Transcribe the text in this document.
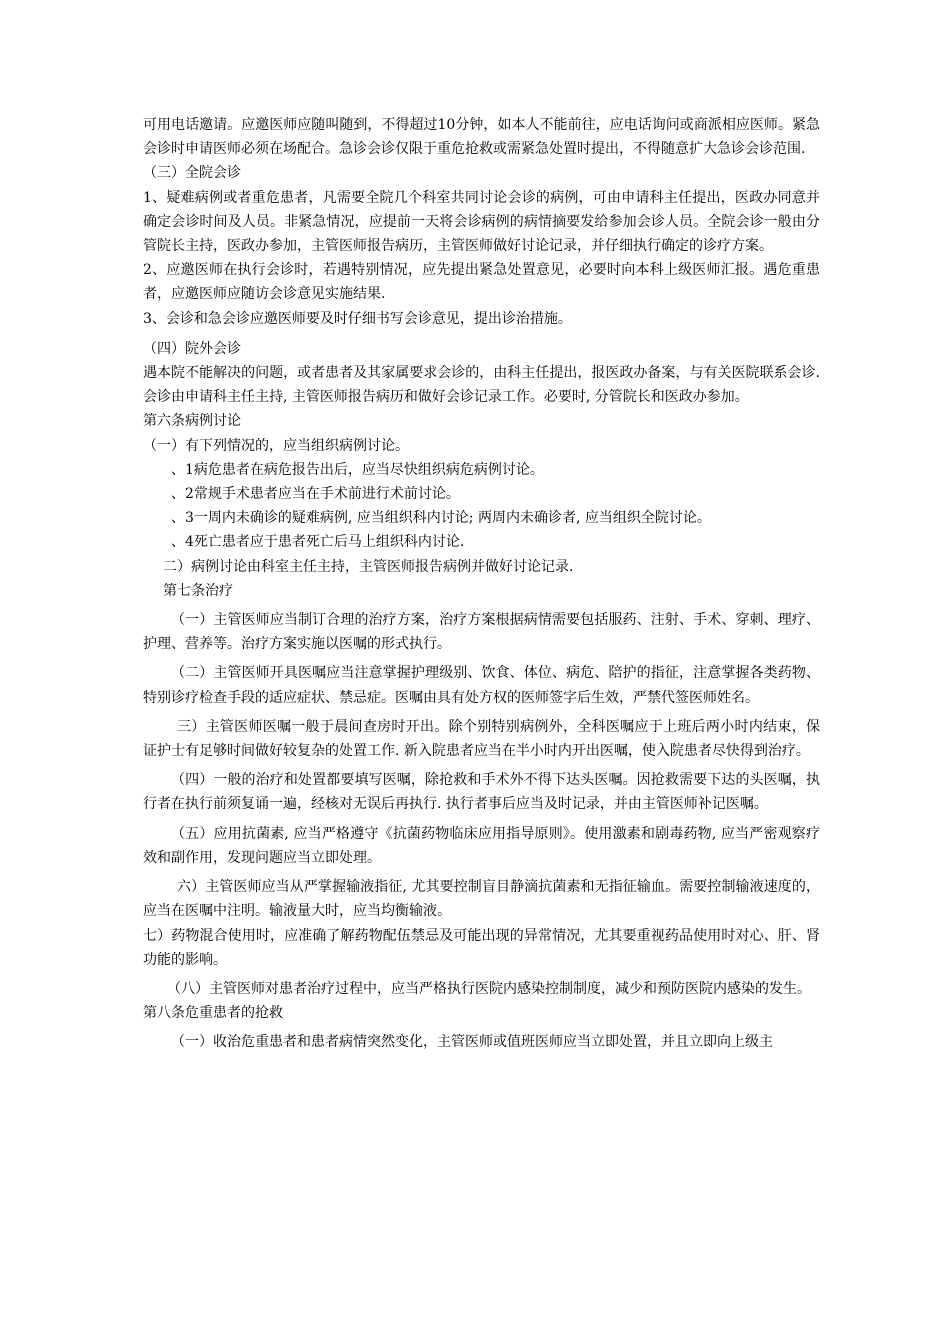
可用电话邀请。应邀医师应随叫随到，不得超过10分钟，如本人不能前往，应电话询问或商派相应医师。紧急会诊时申请医师必须在场配合。急诊会诊仅限于重危抢救或需紧急处置时提出，不得随意扩大急诊会诊范围.

（三）全院会诊

1、疑难病例或者重危患者，凡需要全院几个科室共同讨论会诊的病例，可由申请科主任提出，医政办同意并确定会诊时间及人员。非紧急情况，应提前一天将会诊病例的病情摘要发给参加会诊人员。全院会诊一般由分管院长主持，医政办参加，主管医师报告病历，主管医师做好讨论记录，并仔细执行确定的诊疗方案。

2、应邀医师在执行会诊时，若遇特别情况，应先提出紧急处置意见，必要时向本科上级医师汇报。遇危重患者，应邀医师应随访会诊意见实施结果.

3、会诊和急会诊应邀医师要及时仔细书写会诊意见，提出诊治措施。

（四）院外会诊

遇本院不能解决的问题，或者患者及其家属要求会诊的，由科主任提出，报医政办备案，与有关医院联系会诊. 会诊由申请科主任主持, 主管医师报告病历和做好会诊记录工作。必要时, 分管院长和医政办参加。

第六条病例讨论

（一）有下列情况的，应当组织病例讨论。

、1病危患者在病危报告出后，应当尽快组织病危病例讨论。

、2常规手术患者应当在手术前进行术前讨论。

、3一周内未确诊的疑难病例, 应当组织科内讨论; 两周内未确诊者, 应当组织全院讨论。

、4死亡患者应于患者死亡后马上组织科内讨论.

二）病例讨论由科室主任主持，主管医师报告病例并做好讨论记录.

第七条治疗

（一）主管医师应当制订合理的治疗方案，治疗方案根据病情需要包括服药、注射、手术、穿刺、理疗、护理、营养等。治疗方案实施以医嘱的形式执行。

（二）主管医师开具医嘱应当注意掌握护理级别、饮食、体位、病危、陪护的指征，注意掌握各类药物、特别诊疗检查手段的适应症状、禁忌症。医嘱由具有处方权的医师签字后生效，严禁代签医师姓名。

三）主管医师医嘱一般于晨间查房时开出。除个别特别病例外，全科医嘱应于上班后两小时内结束，保证护士有足够时间做好较复杂的处置工作. 新入院患者应当在半小时内开出医嘱，使入院患者尽快得到治疗。

（四）一般的治疗和处置都要填写医嘱，除抢救和手术外不得下达头医嘱。因抢救需要下达的头医嘱，执行者在执行前须复诵一遍，经核对无误后再执行. 执行者事后应当及时记录，并由主管医师补记医嘱。

（五）应用抗菌素, 应当严格遵守《抗菌药物临床应用指导原则》。使用激素和剧毒药物, 应当严密观察疗效和副作用，发现问题应当立即处理。

六）主管医师应当从严掌握输液指征, 尤其要控制盲目静滴抗菌素和无指征输血。需要控制输液速度的，应当在医嘱中注明。输液量大时，应当均衡输液。

七）药物混合使用时，应准确了解药物配伍禁忌及可能出现的异常情况，尤其要重视药品使用时对心、肝、肾功能的影响。

（八）主管医师对患者治疗过程中，应当严格执行医院内感染控制制度，减少和预防医院内感染的发生。

第八条危重患者的抢救

（一）收治危重患者和患者病情突然变化，主管医师或值班医师应当立即处置，并且立即向上级主
